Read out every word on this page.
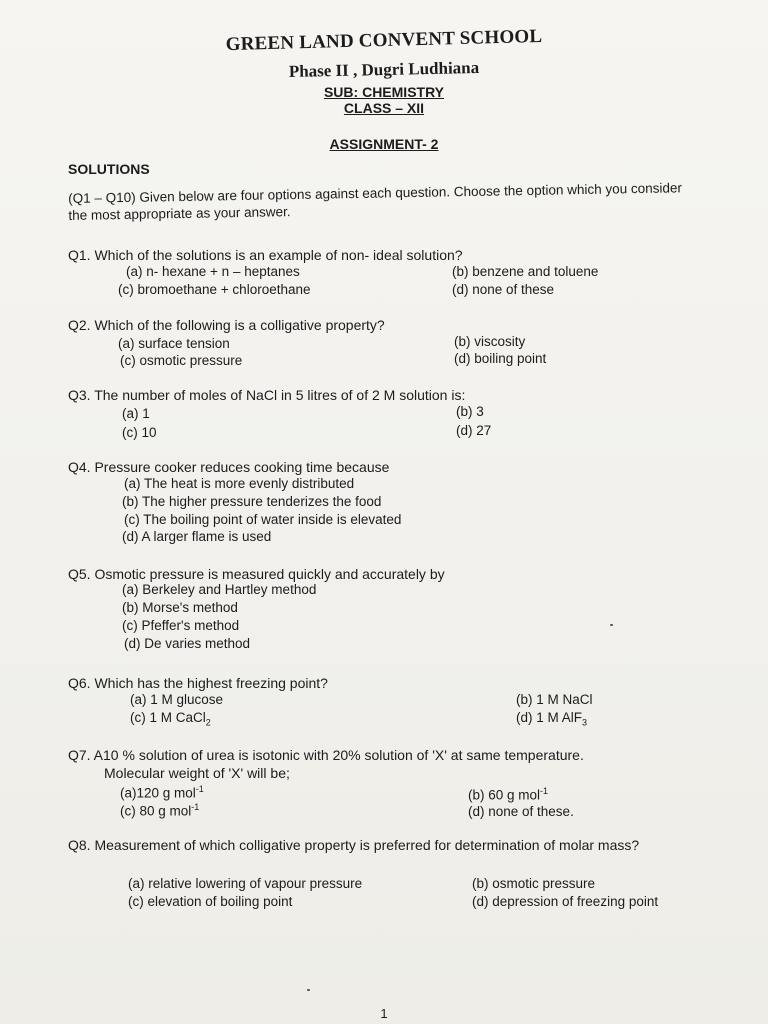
GREEN LAND CONVENT SCHOOL
Phase II , Dugri Ludhiana
SUB: CHEMISTRY
CLASS – XII
ASSIGNMENT- 2
SOLUTIONS
(Q1 – Q10) Given below are four options against each question. Choose the option which you consider the most appropriate as your answer.
Q1. Which of the solutions is an example of non- ideal solution?
(a) n- hexane + n – heptanes	(b) benzene and toluene
(c) bromoethane + chloroethane	(d) none of these
Q2. Which of the following is a colligative property?
(a) surface tension	(b) viscosity
(c) osmotic pressure	(d) boiling point
Q3. The number of moles of NaCl in 5 litres of of 2 M solution is:
(a) 1	(b) 3
(c) 10	(d) 27
Q4. Pressure cooker reduces cooking time because
(a) The heat is more evenly distributed
(b) The higher pressure tenderizes the food
(c) The boiling point of water inside is elevated
(d) A larger flame is used
Q5. Osmotic pressure is measured quickly and accurately by
(a) Berkeley and Hartley method
(b) Morse's method
(c) Pfeffer's method
(d) De varies method
Q6. Which has the highest freezing point?
(a) 1 M glucose	(b) 1 M NaCl
(c) 1 M CaCl$_2$	(d) 1 M AlF$_3$
Q7. A10 % solution of urea is isotonic with 20% solution of 'X' at same temperature.
Molecular weight of 'X' will be;
(a)120 g mol$^{-1}$	(b) 60 g mol$^{-1}$
(c) 80 g mol$^{-1}$	(d) none of these.
Q8. Measurement of which colligative property is preferred for determination of molar mass?
(a) relative lowering of vapour pressure	(b) osmotic pressure
(c) elevation of boiling point	(d) depression of freezing point
1
